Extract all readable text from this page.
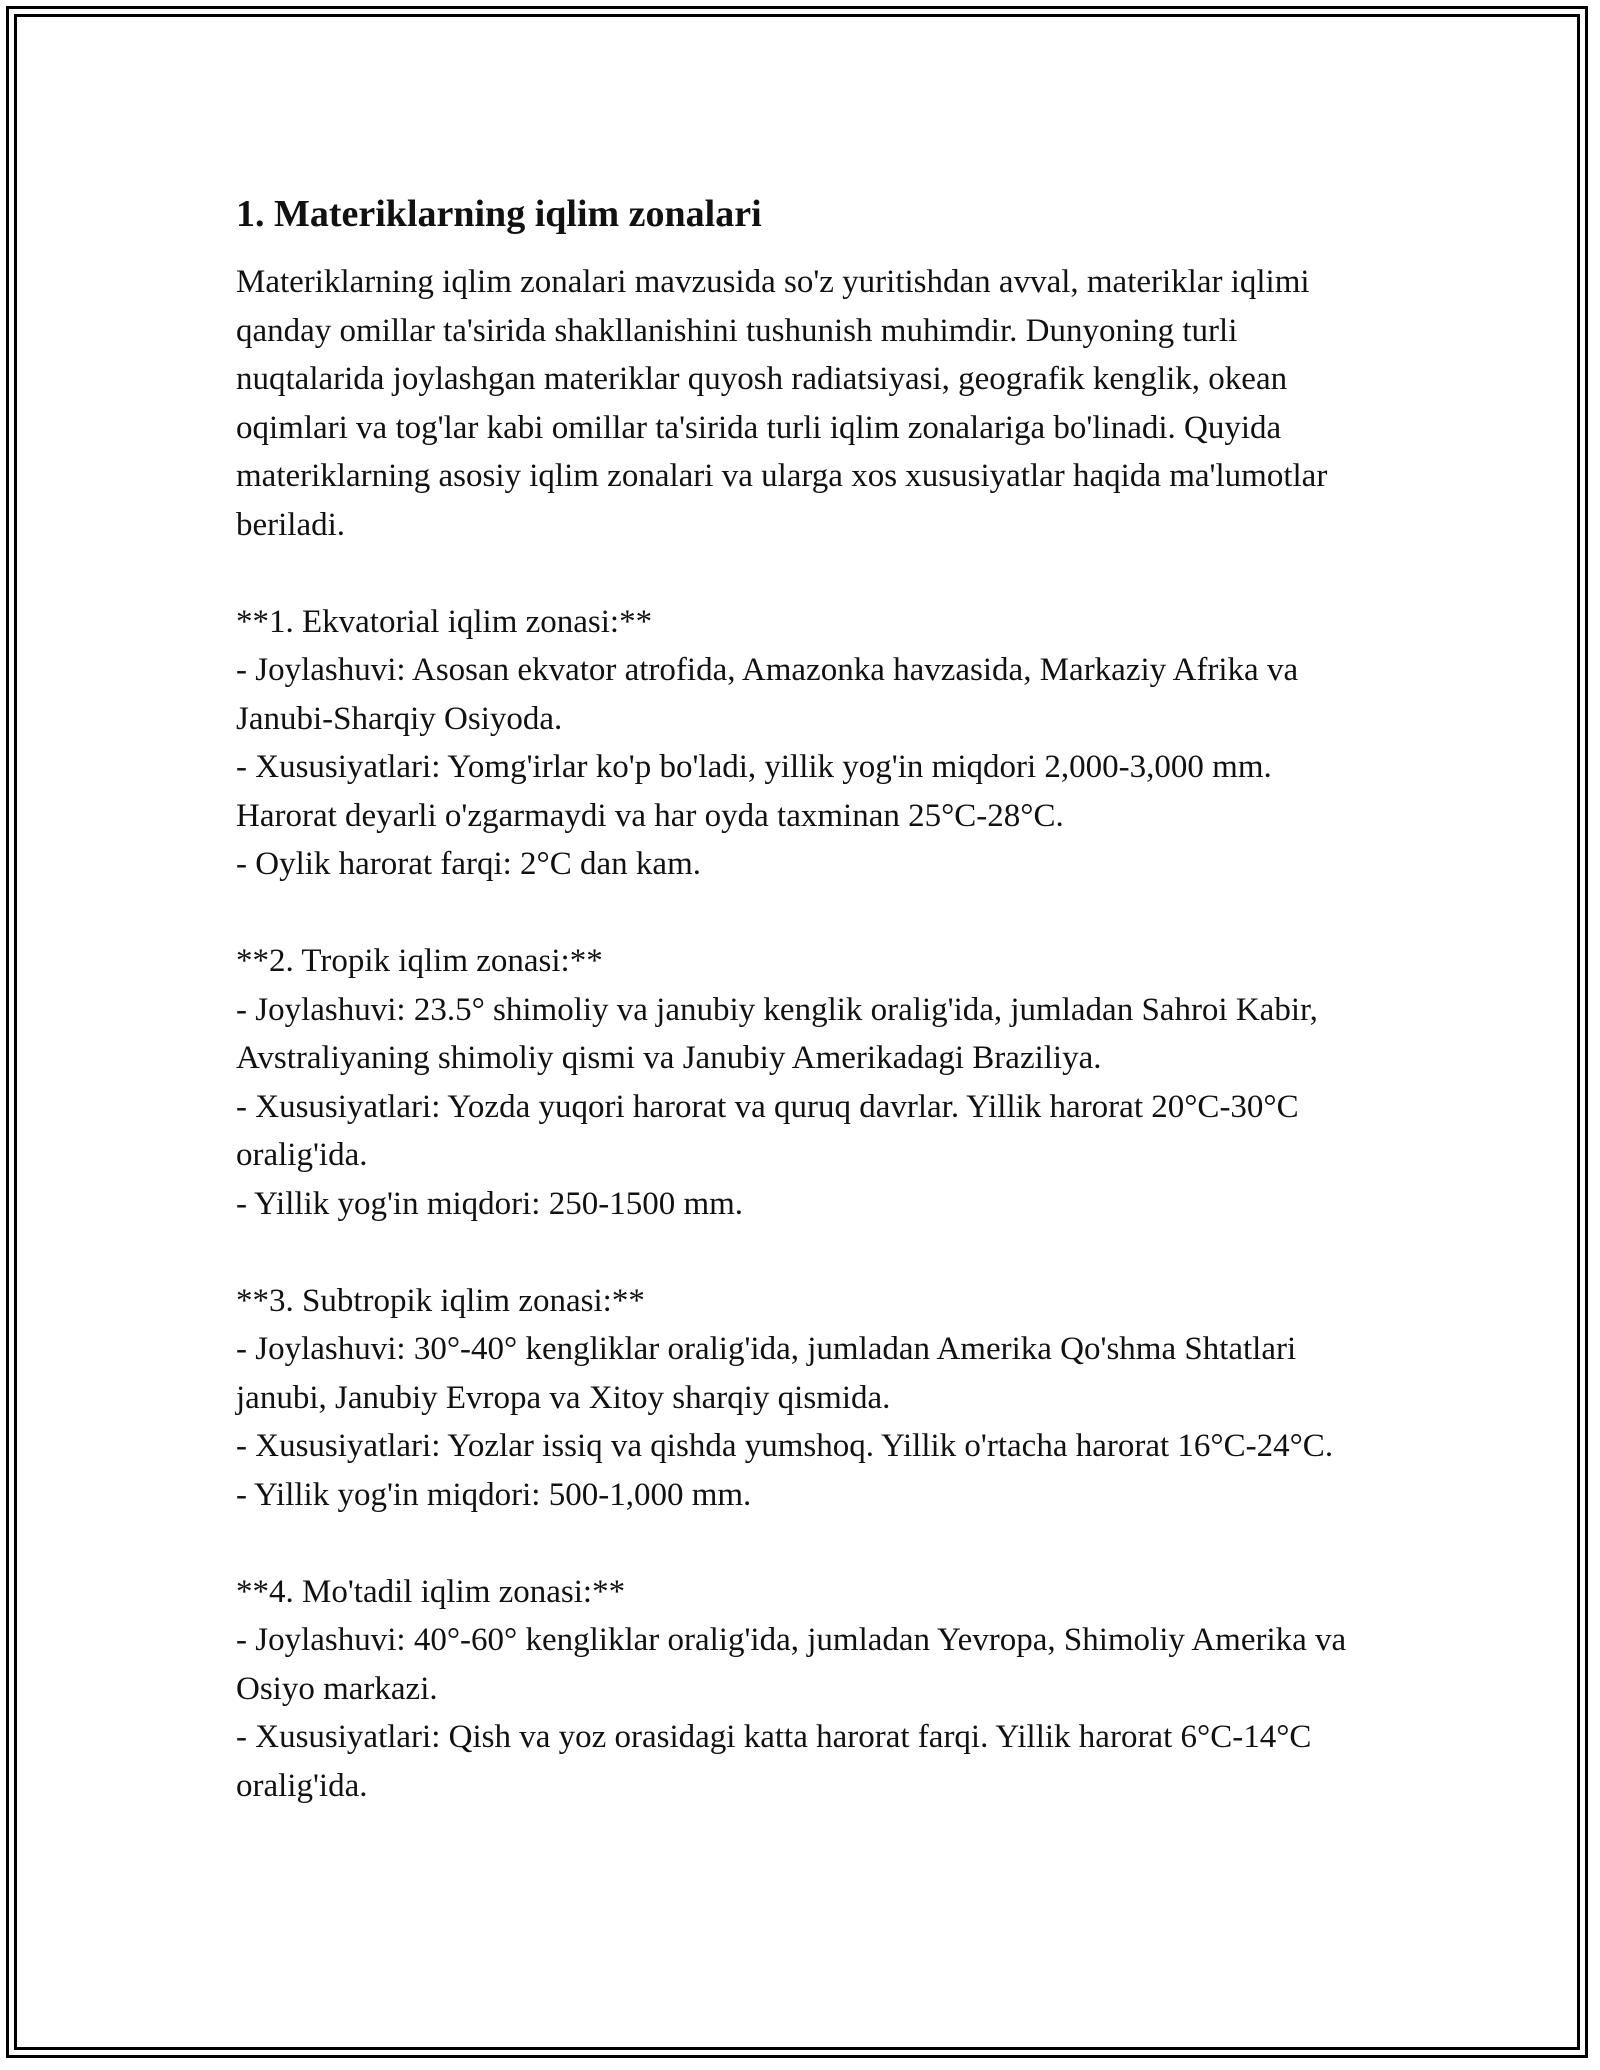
1. Materiklarning iqlim zonalari

Materiklarning iqlim zonalari mavzusida so'z yuritishdan avval, materiklar iqlimi qanday omillar ta'sirida shakllanishini tushunish muhimdir. Dunyoning turli nuqtalarida joylashgan materiklar quyosh radiatsiyasi, geografik kenglik, okean oqimlari va tog'lar kabi omillar ta'sirida turli iqlim zonalariga bo'linadi. Quyida materiklarning asosiy iqlim zonalari va ularga xos xususiyatlar haqida ma'lumotlar beriladi.

**1. Ekvatorial iqlim zonasi:**
- Joylashuvi: Asosan ekvator atrofida, Amazonka havzasida, Markaziy Afrika va Janubi-Sharqiy Osiyoda.
- Xususiyatlari: Yomg'irlar ko'p bo'ladi, yillik yog'in miqdori 2,000-3,000 mm. Harorat deyarli o'zgarmaydi va har oyda taxminan 25°C-28°C.
- Oylik harorat farqi: 2°C dan kam.
**2. Tropik iqlim zonasi:**
- Joylashuvi: 23.5° shimoliy va janubiy kenglik oralig'ida, jumladan Sahroi Kabir, Avstraliyaning shimoliy qismi va Janubiy Amerikadagi Braziliya.
- Xususiyatlari: Yozda yuqori harorat va quruq davrlar. Yillik harorat 20°C-30°C oralig'ida.
- Yillik yog'in miqdori: 250-1500 mm.
**3. Subtropik iqlim zonasi:**
- Joylashuvi: 30°-40° kengliklar oralig'ida, jumladan Amerika Qo'shma Shtatlari janubi, Janubiy Evropa va Xitoy sharqiy qismida.
- Xususiyatlari: Yozlar issiq va qishda yumshoq. Yillik o'rtacha harorat 16°C-24°C.
- Yillik yog'in miqdori: 500-1,000 mm.
**4. Mo'tadil iqlim zonasi:**
- Joylashuvi: 40°-60° kengliklar oralig'ida, jumladan Yevropa, Shimoliy Amerika va Osiyo markazi.
- Xususiyatlari: Qish va yoz orasidagi katta harorat farqi. Yillik harorat 6°C-14°C oralig'ida.
